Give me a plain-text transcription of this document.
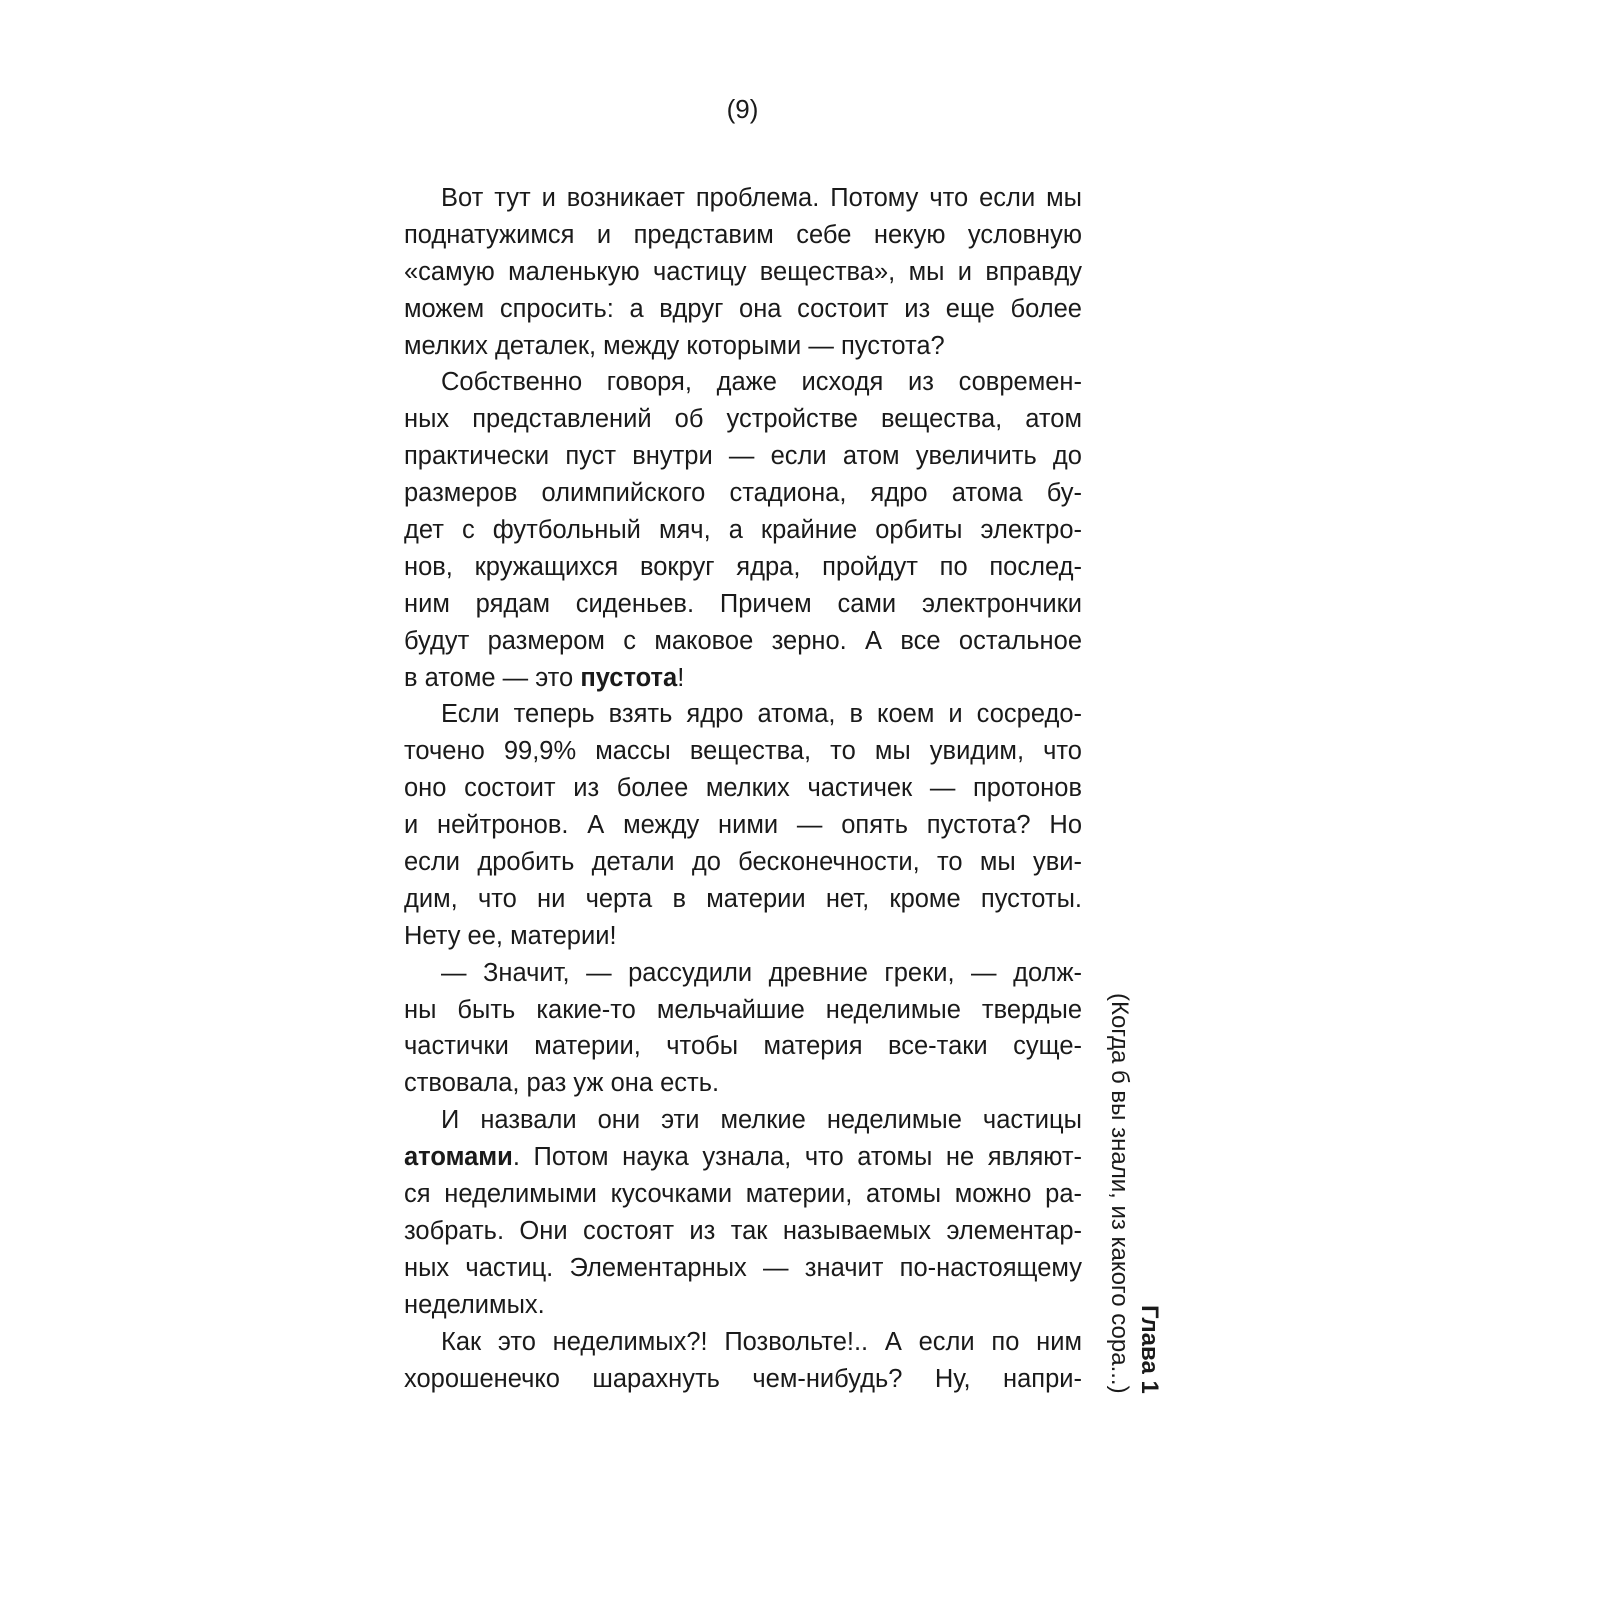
(9)
Вот тут и возникает проблема. Потому что если мы
поднатужимся и представим себе некую условную
«самую маленькую частицу вещества», мы и вправду
можем спросить: а вдруг она состоит из еще более
мелких деталек, между которыми — пустота?
Собственно говоря, даже исходя из современ-
ных представлений об устройстве вещества, атом
практически пуст внутри — если атом увеличить до
размеров олимпийского стадиона, ядро атома бу-
дет с футбольный мяч, а крайние орбиты электро-
нов, кружащихся вокруг ядра, пройдут по послед-
ним рядам сиденьев. Причем сами электрончики
будут размером с маковое зерно. А все остальное
в атоме — это пустота!
Если теперь взять ядро атома, в коем и сосредо-
точено 99,9% массы вещества, то мы увидим, что
оно состоит из более мелких частичек — протонов
и нейтронов. А между ними — опять пустота? Но
если дробить детали до бесконечности, то мы уви-
дим, что ни черта в материи нет, кроме пустоты.
Нету ее, материи!
— Значит, — рассудили древние греки, — долж-
ны быть какие-то мельчайшие неделимые твердые
частички материи, чтобы материя все-таки суще-
ствовала, раз уж она есть.
И назвали они эти мелкие неделимые частицы
атомами. Потом наука узнала, что атомы не являют-
ся неделимыми кусочками материи, атомы можно ра-
зобрать. Они состоят из так называемых элементар-
ных частиц. Элементарных — значит по-настоящему
неделимых.
Как это неделимых?! Позвольте!.. А если по ним
хорошенечко шарахнуть чем-нибудь? Ну, напри- Глава 1
(Когда б вы знали, из какого сора...)
